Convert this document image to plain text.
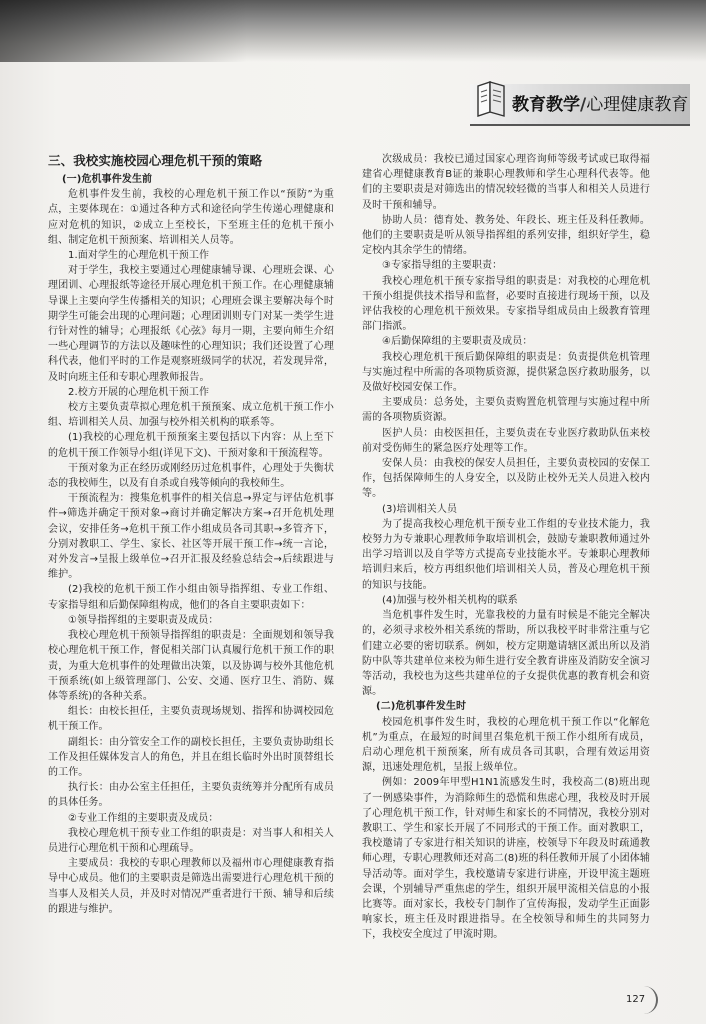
教育教学/心理健康教育

三、我校实施校园心理危机干预的策略

(一)危机事件发生前

危机事件发生前，我校的心理危机干预工作以“预防”为重点，主要体现在：①通过各种方式和途径向学生传递心理健康和应对危机的知识，②成立上至校长，下至班主任的危机干预小组、制定危机干预预案、培训相关人员等。

1.面对学生的心理危机干预工作

对于学生，我校主要通过心理健康辅导课、心理班会课、心理团训、心理报纸等途径开展心理危机干预工作。在心理健康辅导课上主要向学生传播相关的知识；心理班会课主要解决每个时期学生可能会出现的心理问题；心理团训则专门对某一类学生进行针对性的辅导；心理报纸《心弦》每月一期，主要向师生介绍一些心理调节的方法以及趣味性的心理知识；我们还设置了心理科代表，他们平时的工作是观察班级同学的状况，若发现异常，及时向班主任和专职心理教师报告。

2.校方开展的心理危机干预工作

校方主要负责草拟心理危机干预预案、成立危机干预工作小组、培训相关人员、加强与校外相关机构的联系等。

(1)我校的心理危机干预预案主要包括以下内容：从上至下的危机干预工作领导小组(详见下文)、干预对象和干预流程等。

干预对象为正在经历或刚经历过危机事件，心理处于失衡状态的我校师生，以及有自杀或自残等倾向的我校师生。

干预流程为：搜集危机事件的相关信息→界定与评估危机事件→筛选并确定干预对象→商讨并确定解决方案→召开危机处理会议，安排任务→危机干预工作小组成员各司其职→多管齐下，分别对教职工、学生、家长、社区等开展干预工作→统一言论，对外发言→呈报上级单位→召开汇报及经验总结会→后续跟进与维护。

(2)我校的危机干预工作小组由领导指挥组、专业工作组、专家指导组和后勤保障组构成，他们的各自主要职责如下：

①领导指挥组的主要职责及成员：

我校心理危机干预领导指挥组的职责是：全面规划和领导我校心理危机干预工作，督促相关部门认真履行危机干预工作的职责，为重大危机事件的处理做出决策，以及协调与校外其他危机干预系统(如上级管理部门、公安、交通、医疗卫生、消防、媒体等系统)的各种关系。

组长：由校长担任，主要负责现场规划、指挥和协调校园危机干预工作。

副组长：由分管安全工作的副校长担任，主要负责协助组长工作及担任媒体发言人的角色，并且在组长临时外出时顶替组长的工作。

执行长：由办公室主任担任，主要负责统筹并分配所有成员的具体任务。

②专业工作组的主要职责及成员：

我校心理危机干预专业工作组的职责是：对当事人和相关人员进行心理危机干预和心理疏导。

主要成员：我校的专职心理教师以及福州市心理健康教育指导中心成员。他们的主要职责是筛选出需要进行心理危机干预的当事人及相关人员，并及时对情况严重者进行干预、辅导和后续的跟进与维护。

次级成员：我校已通过国家心理咨询师等级考试或已取得福建省心理健康教育B证的兼职心理教师和学生心理科代表等。他们的主要职责是对筛选出的情况较轻微的当事人和相关人员进行及时干预和辅导。

协助人员：德育处、教务处、年段长、班主任及科任教师。他们的主要职责是听从领导指挥组的系列安排，组织好学生，稳定校内其余学生的情绪。

③专家指导组的主要职责：

我校心理危机干预专家指导组的职责是：对我校的心理危机干预小组提供技术指导和监督，必要时直接进行现场干预，以及评估我校的心理危机干预效果。专家指导组成员由上级教育管理部门指派。

④后勤保障组的主要职责及成员：

我校心理危机干预后勤保障组的职责是：负责提供危机管理与实施过程中所需的各项物质资源，提供紧急医疗救助服务，以及做好校园安保工作。

主要成员：总务处，主要负责购置危机管理与实施过程中所需的各项物质资源。

医护人员：由校医担任，主要负责在专业医疗救助队伍来校前对受伤师生的紧急医疗处理等工作。

安保人员：由我校的保安人员担任，主要负责校园的安保工作，包括保障师生的人身安全，以及防止校外无关人员进入校内等。

(3)培训相关人员

为了提高我校心理危机干预专业工作组的专业技术能力，我校努力为专兼职心理教师争取培训机会，鼓励专兼职教师通过外出学习培训以及自学等方式提高专业技能水平。专兼职心理教师培训归来后，校方再组织他们培训相关人员，普及心理危机干预的知识与技能。

(4)加强与校外相关机构的联系

当危机事件发生时，光靠我校的力量有时候是不能完全解决的，必须寻求校外相关系统的帮助，所以我校平时非常注重与它们建立必要的密切联系。例如，校方定期邀请辖区派出所以及消防中队等共建单位来校为师生进行安全教育讲座及消防安全演习等活动，我校也为这些共建单位的子女提供优惠的教育机会和资源。

(二)危机事件发生时

校园危机事件发生时，我校的心理危机干预工作以“化解危机”为重点，在最短的时间里召集危机干预工作小组所有成员，启动心理危机干预预案，所有成员各司其职，合理有效运用资源，迅速处理危机，呈报上级单位。

例如：2009年甲型H1N1流感发生时，我校高二(8)班出现了一例感染事件，为消除师生的恐慌和焦虑心理，我校及时开展了心理危机干预工作，针对师生和家长的不同情况，我校分别对教职工、学生和家长开展了不同形式的干预工作。面对教职工，我校邀请了专家进行相关知识的讲座，校领导下年段及时疏通教师心理，专职心理教师还对高二(8)班的科任教师开展了小团体辅导活动等。面对学生，我校邀请专家进行讲座，开设甲流主题班会课，个别辅导严重焦虑的学生，组织开展甲流相关信息的小报比赛等。面对家长，我校专门制作了宣传海报，发动学生正面影响家长，班主任及时跟进指导。在全校领导和师生的共同努力下，我校安全度过了甲流时期。

127
